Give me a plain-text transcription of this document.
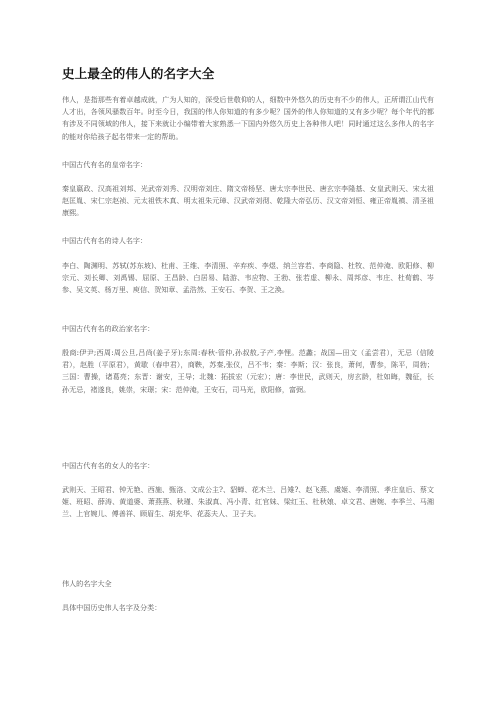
史上最全的伟人的名字大全

伟人，是指那些有着卓越成就，广为人知的，深受后世敬仰的人，细数中外悠久的历史有不少的伟人，正所谓江山代有人才出，各领风骚数百年。时至今日，我国的伟人你知道的有多少呢？国外的伟人你知道的又有多少呢？每个年代的都有涉及不同领域的伟人，接下来就让小编带着大家熟悉一下国内外悠久历史上各种伟人吧！同时通过这么多伟人的名字的能对你给孩子起名带来一定的帮助。

中国古代有名的皇帝名字：

秦皇嬴政、汉高祖刘邦、光武帝刘秀、汉明帝刘庄、隋文帝杨坚、唐太宗李世民、唐玄宗李隆基、女皇武则天、宋太祖赵匡胤、宋仁宗赵祯、元太祖铁木真、明太祖朱元璋、汉武帝刘彻、乾隆大帝弘历、汉文帝刘恒、雍正帝胤禛、清圣祖康熙。

中国古代有名的诗人名字：

李白、陶渊明、苏轼(苏东坡)、杜甫、王维、李清照、辛弃疾、李煜、纳兰容若、李商隐、杜牧、范仲淹、欧阳修、柳宗元、刘长卿、刘禹锡、屈原、王昌龄、白居易、陆游、韦应物、王勃、张若虚、柳永、周邦彦、韦庄、杜荀鹤、岑参、吴文英、杨万里、庾信、贺知章、孟浩然、王安石、李贺、王之涣。

中国古代有名的政治家名字：

殷商:伊尹;西周:周公旦,吕尚(姜子牙);东周:春秋-管仲,孙叔敖,子产,李悝。范蠡；战国—田文（孟尝君），无忌（信陵君），赵胜（平原君），黄歇（春申君），商鞅，苏秦,张仪，吕不韦；秦：李斯；汉：张良，萧何，曹参，陈平，周勃；三国：曹操，诸葛亮；东晋：谢安，王导；北魏：拓拔宏（元宏）；唐：李世民，武则天，房玄龄，杜如晦，魏征，长孙无忌，褚遂良，姚崇，宋璟；宋：范仲淹，王安石，司马光，欧阳修，富弼。

中国古代有名的女人的名字：

武则天、王昭君、钟无艳、西施、甄洛、文成公主?、貂蝉、花木兰、吕雉?、赵飞燕、虞姬、李清照、孝庄皇后、蔡文姬、班昭、薛涛、黄道婆、萧燕燕、秋瑾、朱淑真、冯小青、红官妹、梁红玉、杜秋娘、卓文君、唐婉、李季兰、马湘兰、上官婉儿、傅善祥、顾眉生、胡充华、花蕊夫人、卫子夫。

伟人的名字大全
具体中国历史伟人名字及分类：
